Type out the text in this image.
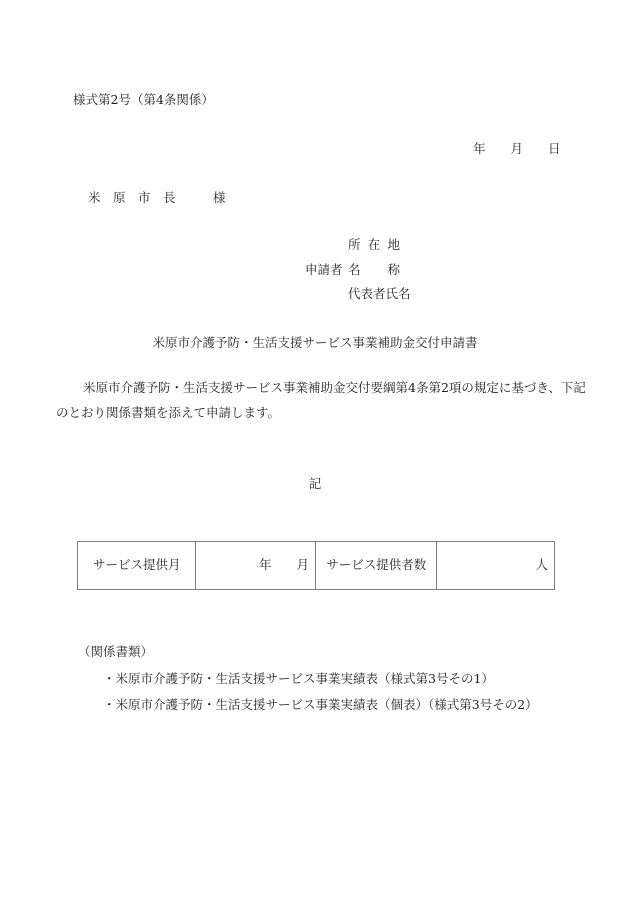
様式第2号（第4条関係）
年　　月　　日
米　原　市　長　　　様
所在地
申請者 名称
代表者氏名
米原市介護予防・生活支援サービス事業補助金交付申請書
米原市介護予防・生活支援サービス事業補助金交付要綱第4条第2項の規定に基づき、下記
のとおり関係書類を添えて申請します。
記
サービス提供月	年　　月	サービス提供者数	人
（関係書類）
・米原市介護予防・生活支援サービス事業実績表（様式第3号その1）
・米原市介護予防・生活支援サービス事業実績表（個表）（様式第3号その2）
